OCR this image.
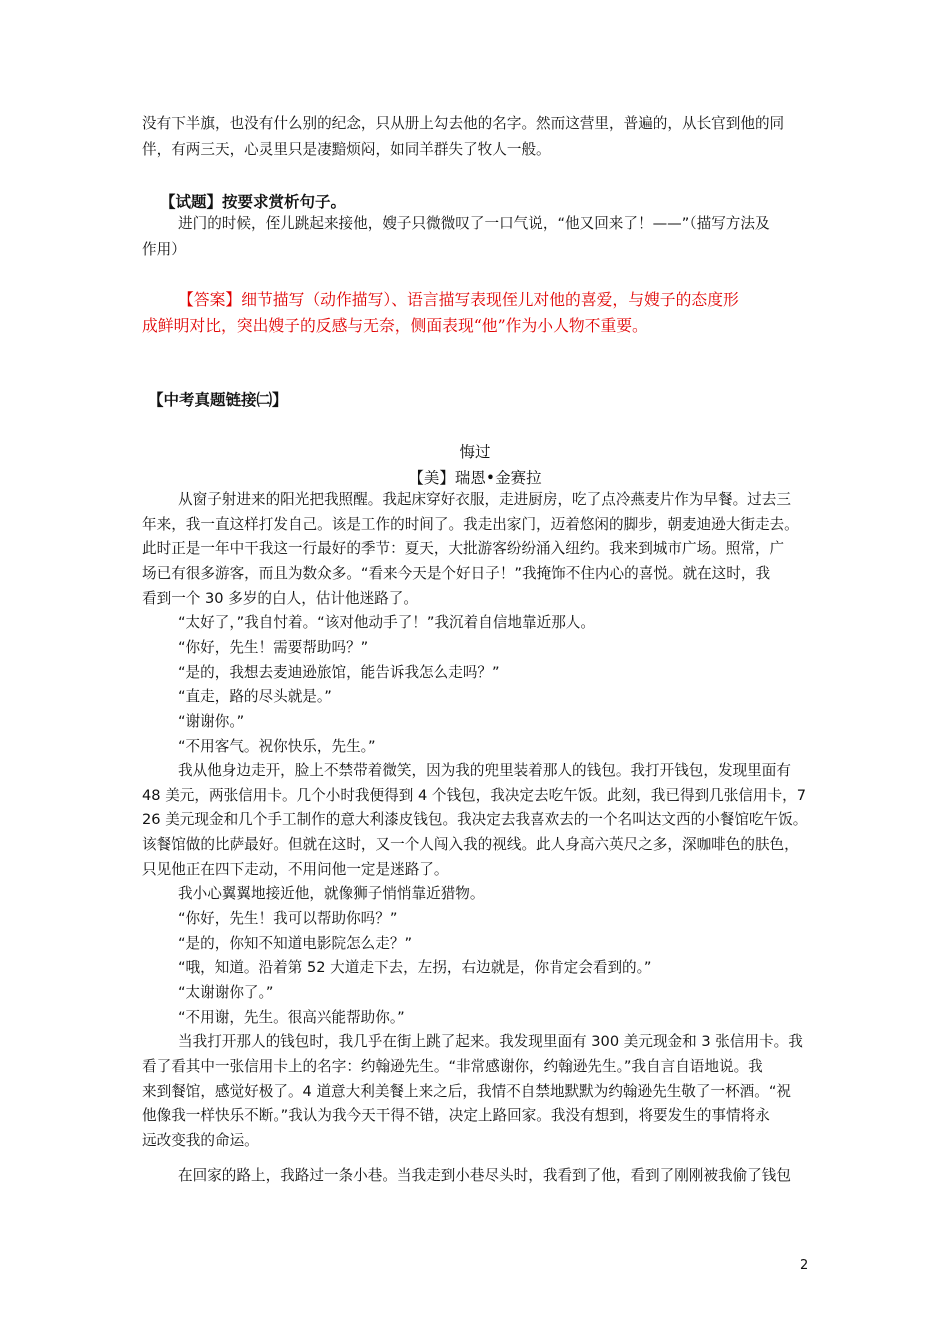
没有下半旗，也没有什么别的纪念，只从册上勾去他的名字。然而这营里，普遍的，从长官到他的同
伴，有两三天，心灵里只是凄黯烦闷，如同羊群失了牧人一般。
【试题】按要求赏析句子。
进门的时候，侄儿跳起来接他，嫂子只微微叹了一口气说，“他又回来了！——”（描写方法及
作用）
【答案】细节描写（动作描写）、语言描写表现侄儿对他的喜爱，与嫂子的态度形
成鲜明对比，突出嫂子的反感与无奈，侧面表现“他”作为小人物不重要。
【中考真题链接㈡】
悔过
【美】瑞恩•金赛拉
从窗子射进来的阳光把我照醒。我起床穿好衣服，走进厨房，吃了点冷燕麦片作为早餐。过去三
年来，我一直这样打发自己。该是工作的时间了。我走出家门，迈着悠闲的脚步，朝麦迪逊大街走去。
此时正是一年中干我这一行最好的季节：夏天，大批游客纷纷涌入纽约。我来到城市广场。照常，广
场已有很多游客，而且为数众多。“看来今天是个好日子！”我掩饰不住内心的喜悦。就在这时，我
看到一个 30 多岁的白人，估计他迷路了。
“太好了，”我自忖着。“该对他动手了！”我沉着自信地靠近那人。
“你好，先生！需要帮助吗？”
“是的，我想去麦迪逊旅馆，能告诉我怎么走吗？”
“直走，路的尽头就是。”
“谢谢你。”
“不用客气。祝你快乐，先生。”
我从他身边走开，脸上不禁带着微笑，因为我的兜里装着那人的钱包。我打开钱包，发现里面有
48 美元，两张信用卡。几个小时我便得到 4 个钱包，我决定去吃午饭。此刻，我已得到几张信用卡，7
26 美元现金和几个手工制作的意大利漆皮钱包。我决定去我喜欢去的一个名叫达文西的小餐馆吃午饭。
该餐馆做的比萨最好。但就在这时，又一个人闯入我的视线。此人身高六英尺之多，深咖啡色的肤色，
只见他正在四下走动，不用问他一定是迷路了。
我小心翼翼地接近他，就像狮子悄悄靠近猎物。
“你好，先生！我可以帮助你吗？”
“是的，你知不知道电影院怎么走？”
“哦，知道。沿着第 52 大道走下去，左拐，右边就是，你肯定会看到的。”
“太谢谢你了。”
“不用谢，先生。很高兴能帮助你。”
当我打开那人的钱包时，我几乎在街上跳了起来。我发现里面有 300 美元现金和 3 张信用卡。我
看了看其中一张信用卡上的名字：约翰逊先生。“非常感谢你，约翰逊先生。”我自言自语地说。我
来到餐馆，感觉好极了。4 道意大利美餐上来之后，我情不自禁地默默为约翰逊先生敬了一杯酒。“祝
他像我一样快乐不断。”我认为我今天干得不错，决定上路回家。我没有想到，将要发生的事情将永
远改变我的命运。
在回家的路上，我路过一条小巷。当我走到小巷尽头时，我看到了他，看到了刚刚被我偷了钱包
2
